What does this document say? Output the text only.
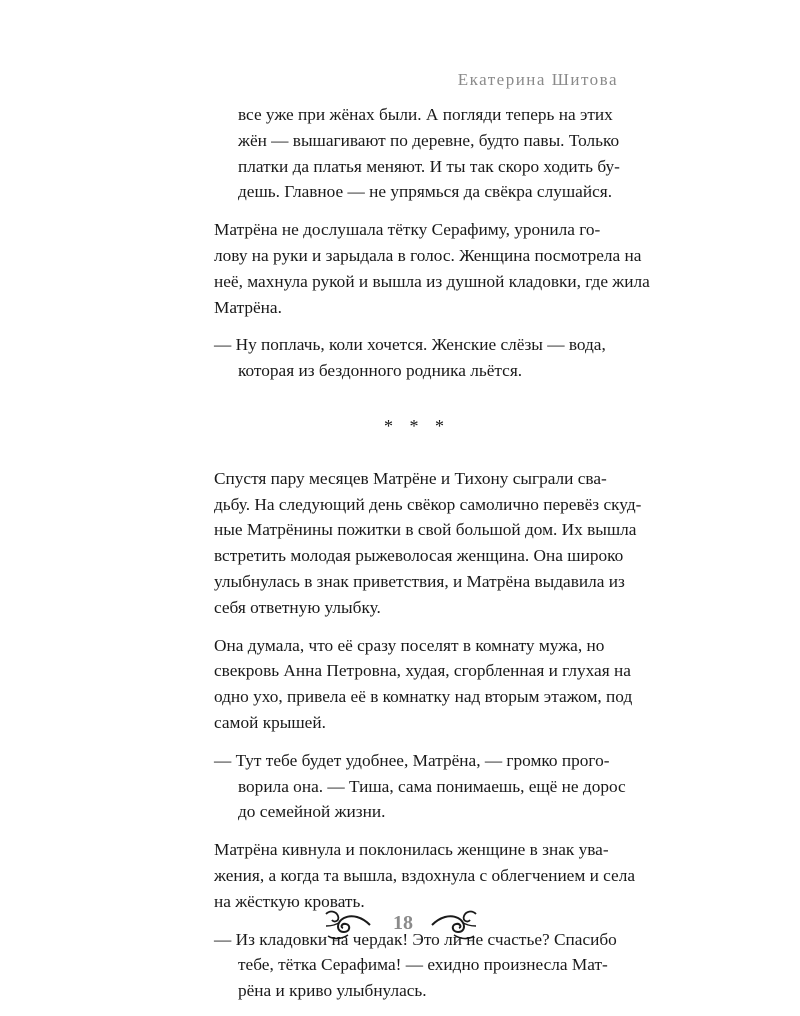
Екатерина Шитова

все уже при жёнах были. А погляди теперь на этих
жён — вышагивают по деревне, будто павы. Только
платки да платья меняют. И ты так скоро ходить бу-
дешь. Главное — не упрямься да свёкра слушайся.

Матрёна не дослушала тётку Серафиму, уронила го-
лову на руки и зарыдала в голос. Женщина посмотрела на
неё, махнула рукой и вышла из душной кладовки, где жила
Матрёна.

— Ну поплачь, коли хочется. Женские слёзы — вода,
которая из бездонного родника льётся.

* * *

Спустя пару месяцев Матрёне и Тихону сыграли сва-
дьбу. На следующий день свёкор самолично перевёз скуд-
ные Матрёнины пожитки в свой большой дом. Их вышла
встретить молодая рыжеволосая женщина. Она широко
улыбнулась в знак приветствия, и Матрёна выдавила из
себя ответную улыбку.

Она думала, что её сразу поселят в комнату мужа, но
свекровь Анна Петровна, худая, сгорбленная и глухая на
одно ухо, привела её в комнатку над вторым этажом, под
самой крышей.

— Тут тебе будет удобнее, Матрёна, — громко прого-
ворила она. — Тиша, сама понимаешь, ещё не дорос
до семейной жизни.

Матрёна кивнула и поклонилась женщине в знак ува-
жения, а когда та вышла, вздохнула с облегчением и села
на жёсткую кровать.

— Из кладовки на чердак! Это ли не счастье? Спасибо
тебе, тётка Серафима! — ехидно произнесла Мат-
рёна и криво улыбнулась.

18
